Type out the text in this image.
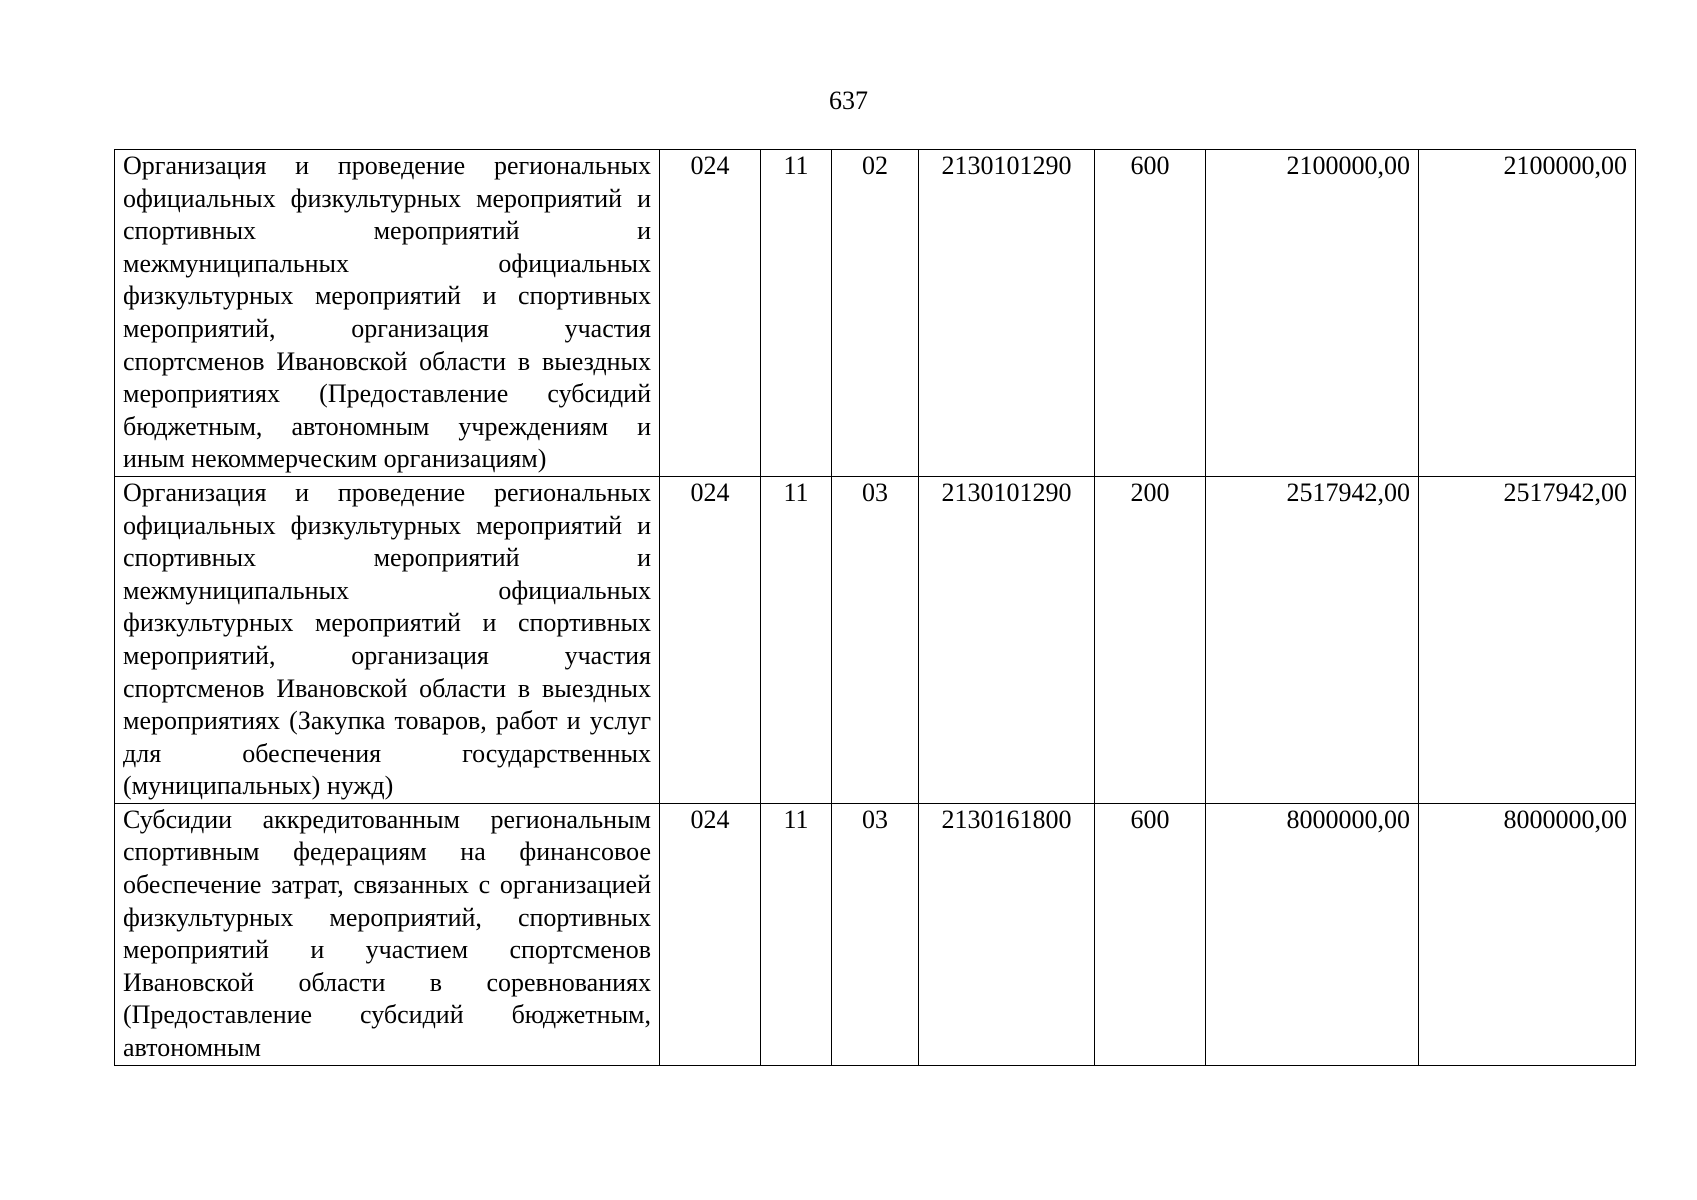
637
Организация и проведение региональных официальных физкультурных мероприятий и спортивных мероприятий и межмуниципальных официальных физкультурных мероприятий и спортивных мероприятий, организация участия спортсменов Ивановской области в выездных мероприятиях (Предоставление субсидий бюджетным, автономным учреждениям и иным некоммерческим организациям)	024	11	02	2130101290	600	2100000,00	2100000,00
Организация и проведение региональных официальных физкультурных мероприятий и спортивных мероприятий и межмуниципальных официальных физкультурных мероприятий и спортивных мероприятий, организация участия спортсменов Ивановской области в выездных мероприятиях (Закупка товаров, работ и услуг для обеспечения государственных (муниципальных) нужд)	024	11	03	2130101290	200	2517942,00	2517942,00
Субсидии аккредитованным региональным спортивным федерациям на финансовое обеспечение затрат, связанных с организацией физкультурных мероприятий, спортивных мероприятий и участием спортсменов Ивановской области в соревнованиях (Предоставление субсидий бюджетным, автономным	024	11	03	2130161800	600	8000000,00	8000000,00
